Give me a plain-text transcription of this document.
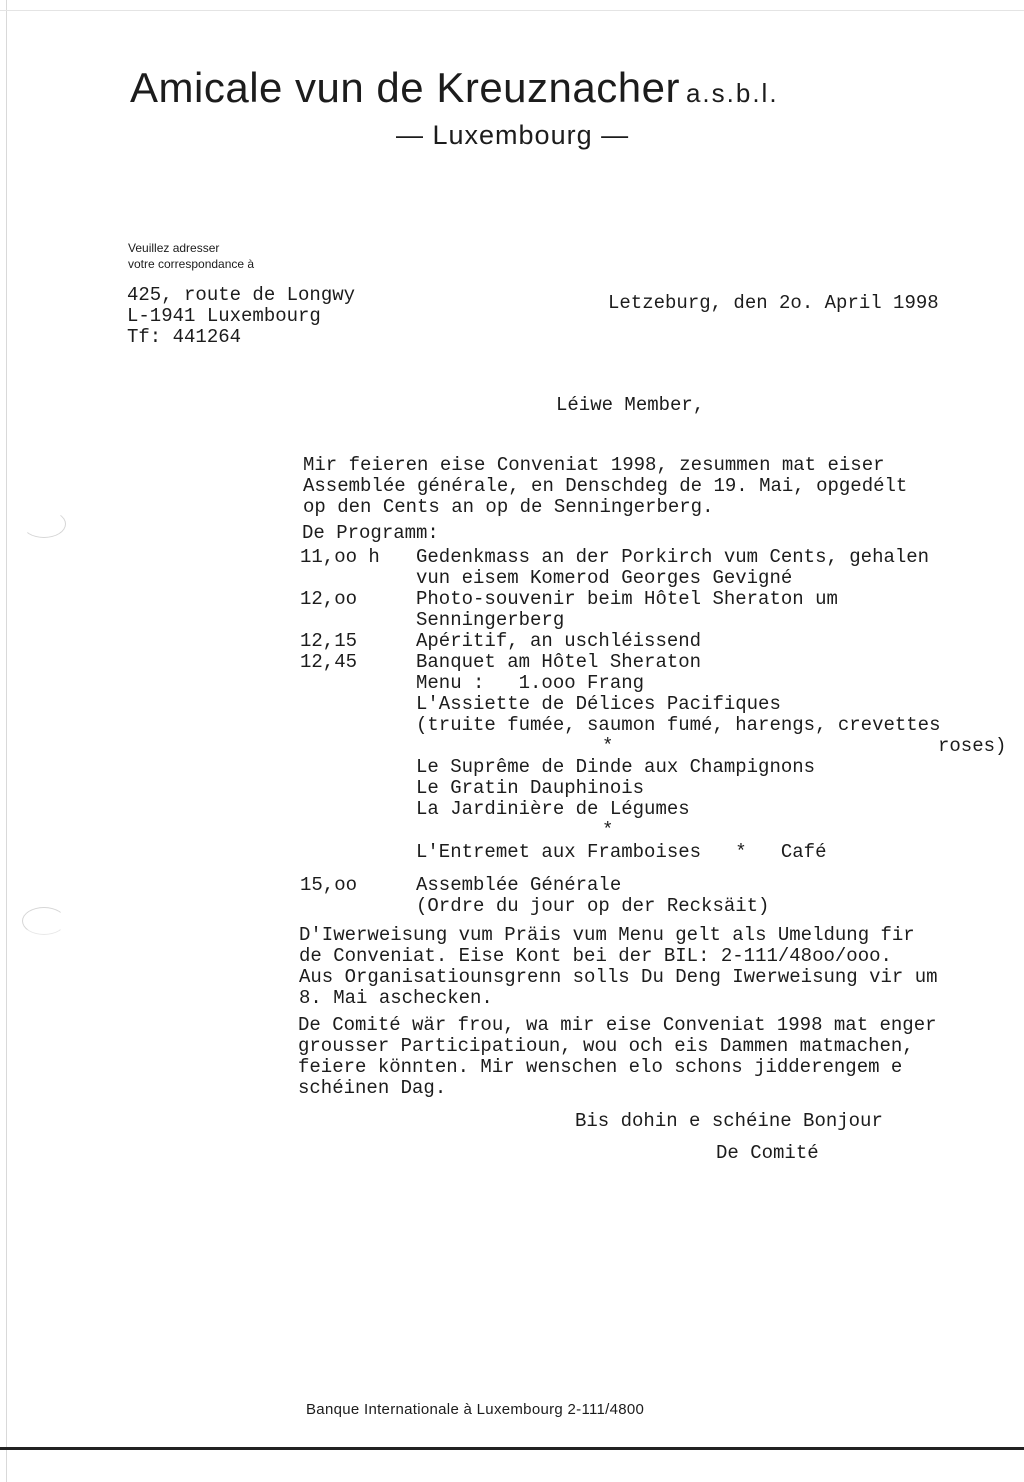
Amicale vun de Kreuznacher a.s.b.l.
— Luxembourg —
Veuillez adresser
votre correspondance à
425, route de Longwy
L-1941 Luxembourg
Tf: 441264
Letzeburg, den 2o. April 1998
Léiwe Member,
Mir feieren eise Conveniat 1998, zesummen mat eiser
Assemblée générale, en Denschdeg de 19. Mai, opgedélt
op den Cents an op de Senningerberg.
De Programm:
11,oo h	Gedenkmass an der Porkirch vum Cents, gehalen
vun eisem Komerod Georges Gevigné
12,oo	Photo-souvenir beim Hôtel Sheraton um
Senningerberg
12,15	Apéritif, an uschléissend
12,45	Banquet am Hôtel Sheraton
Menu :   1.ooo Frang
L'Assiette de Délices Pacifiques
(truite fumée, saumon fumé, harengs, crevettes
*	roses)
Le Suprême de Dinde aux Champignons
Le Gratin Dauphinois
La Jardinière de Légumes
*
L'Entremet aux Framboises   *   Café
15,oo	Assemblée Générale
(Ordre du jour op der Recksäit)
D'Iwerweisung vum Präis vum Menu gelt als Umeldung fir
de Conveniat. Eise Kont bei der BIL: 2-111/48oo/ooo.
Aus Organisatiounsgrenn solls Du Deng Iwerweisung vir um
8. Mai aschecken.
De Comité wär frou, wa mir eise Conveniat 1998 mat enger
grousser Participatioun, wou och eis Dammen matmachen,
feiere könnten. Mir wenschen elo schons jidderengem e
schéinen Dag.
Bis dohin e schéine Bonjour
De Comité
Banque Internationale à Luxembourg 2-111/4800
